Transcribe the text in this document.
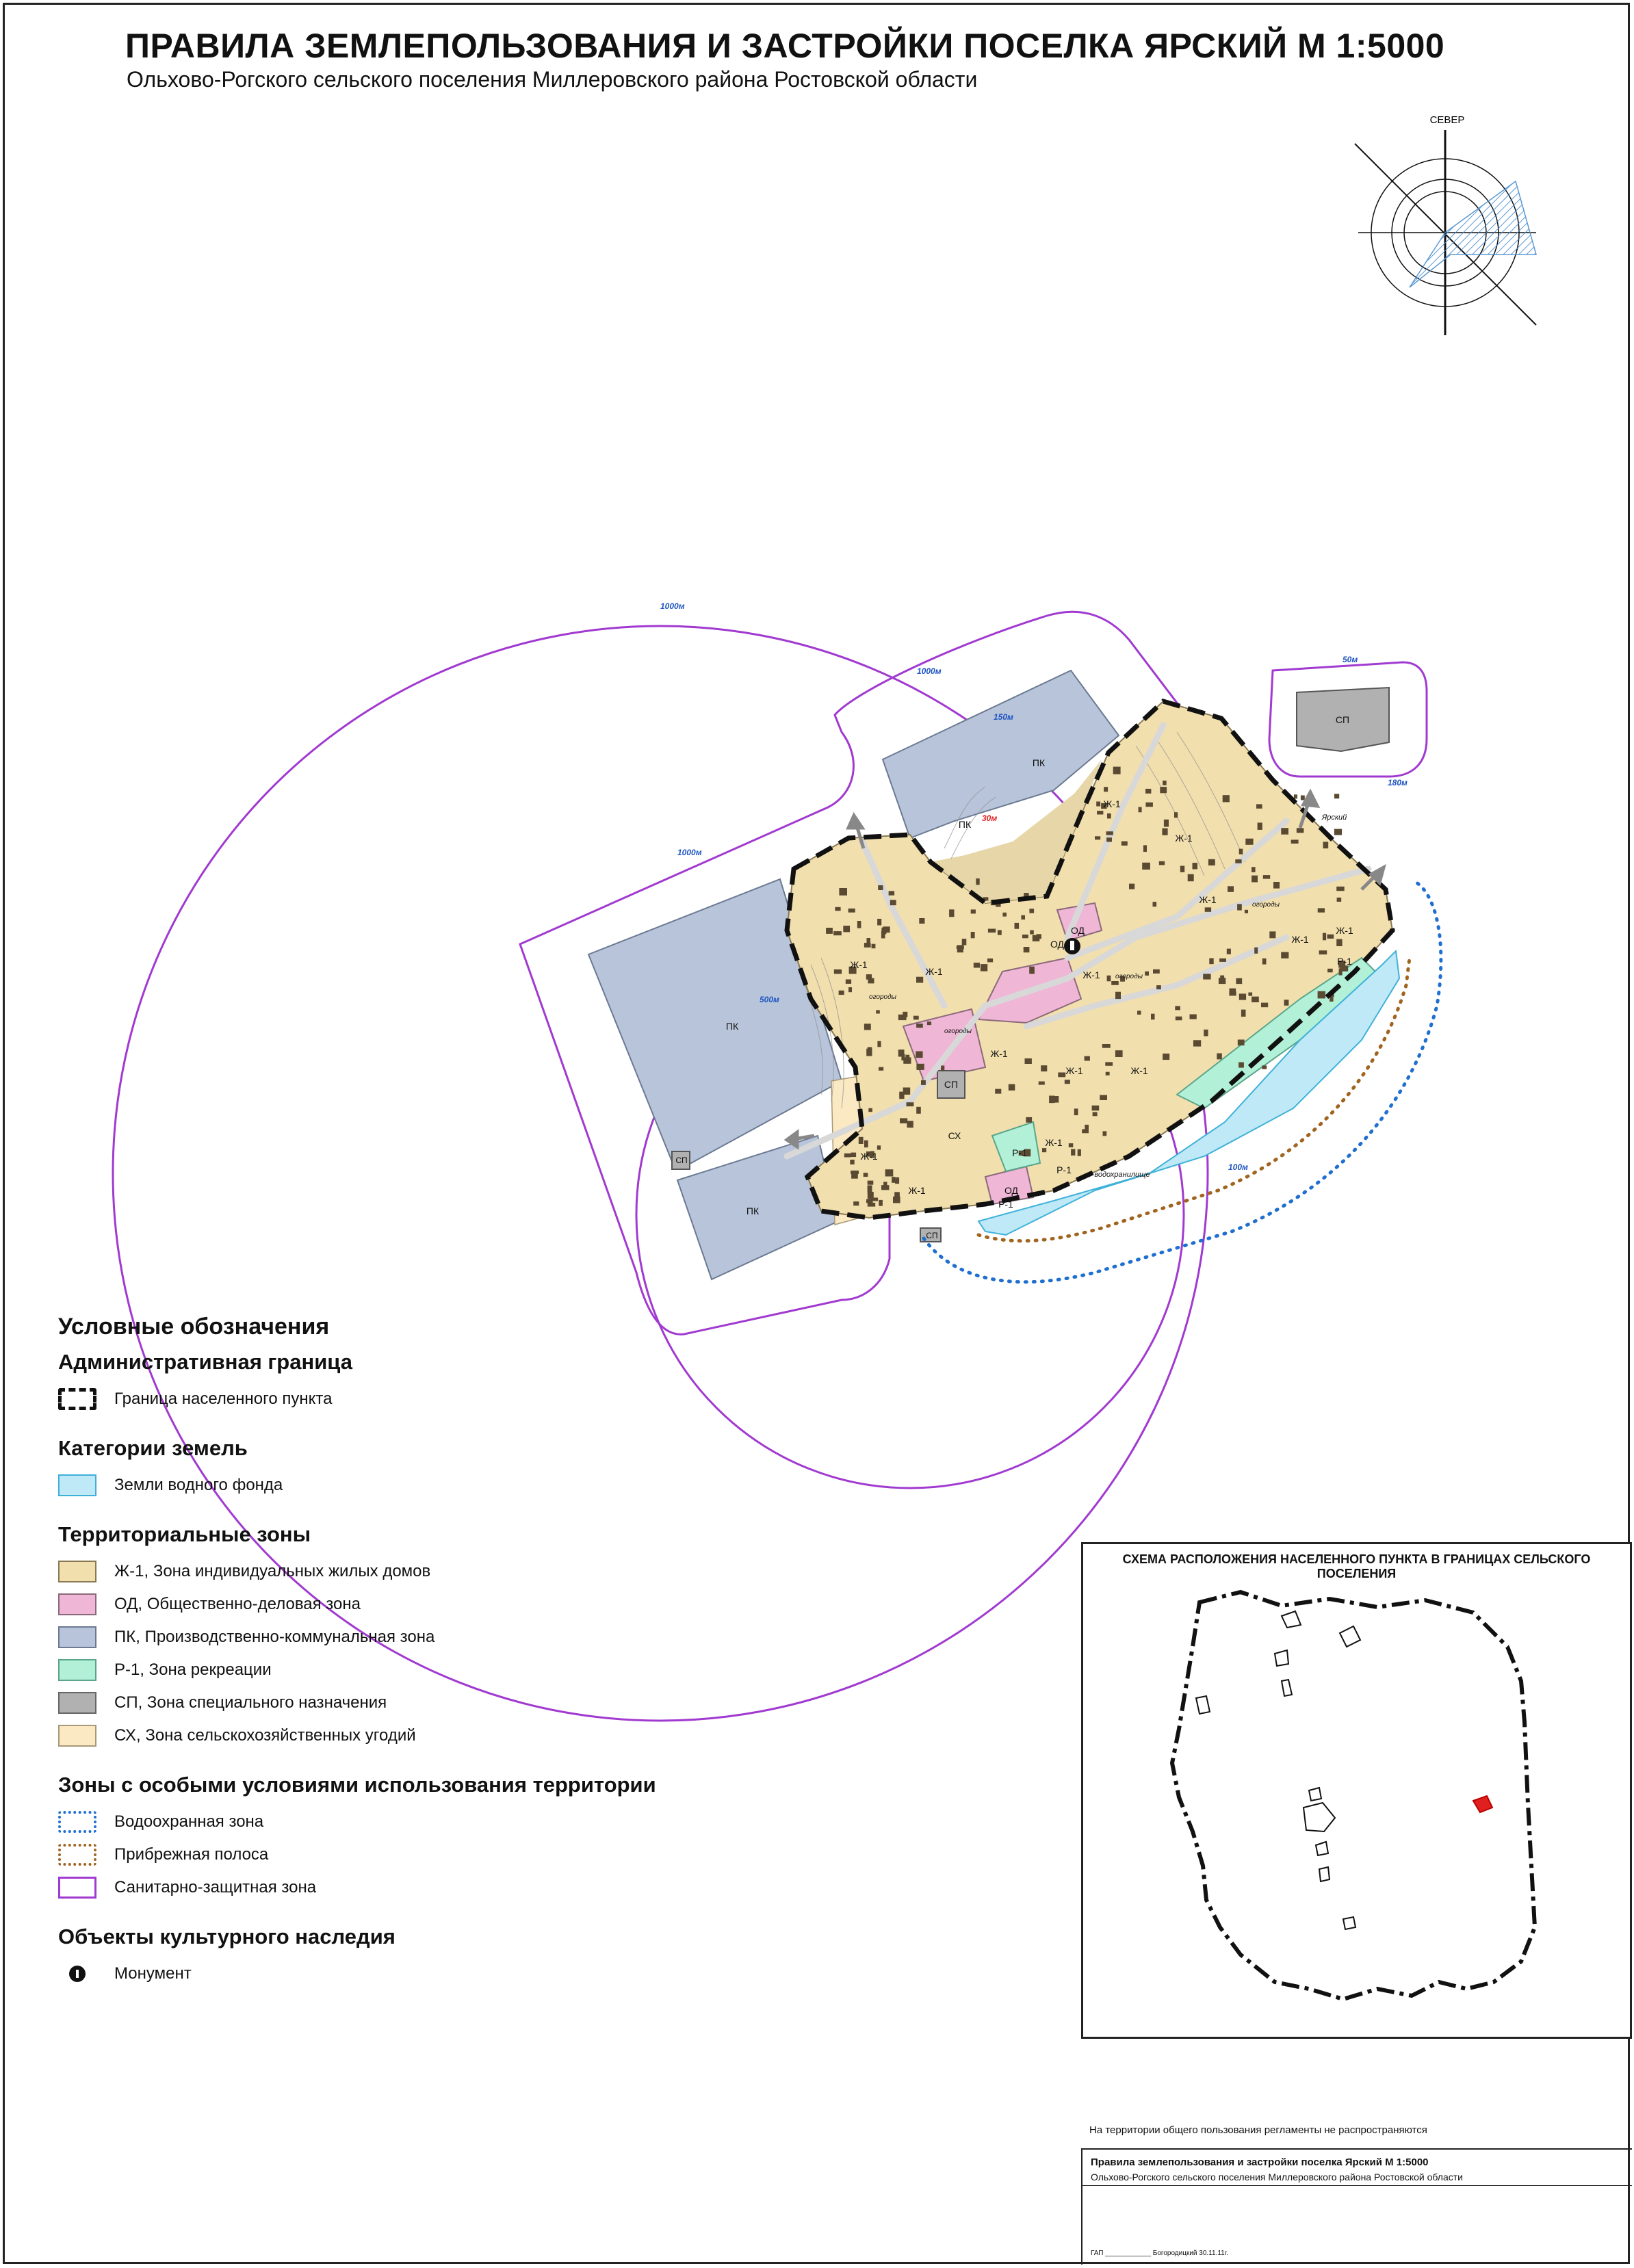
ПРАВИЛА ЗЕМЛЕПОЛЬЗОВАНИЯ И ЗАСТРОЙКИ ПОСЕЛКА ЯРСКИЙ М 1:5000
Ольхово-Рогского сельского поселения Миллеровского района Ростовской области
СЕВЕР
ПК
ПК
ПК
ПК
СП
СП
СП
СП
ОД
ОД
ОД
Ж-1
Ж-1	Ж-1
Ж-1
Ж-1
Ж-1
Ж-1
Ж-1
Ж-1
Ж-1
Ж-1
Ж-1
Ж-1
Ж-1
Р-1
Р-1
Р-1
Р-1
СХ
водохранилище
Ярский
огороды
огороды
огороды
огороды
1000м
1000м
1000м
500м
100м
150м
50м
180м
30м
Условные обозначения
Административная граница
Граница населенного пункта
Категории земель
Земли водного фонда
Территориальные зоны
Ж-1, Зона индивидуальных жилых домов
ОД, Общественно-деловая зона
ПК, Производственно-коммунальная зона
Р-1, Зона рекреации
СП, Зона специального назначения
СХ, Зона сельскохозяйственных угодий
Зоны с особыми условиями использования территории
Водоохранная зона
Прибрежная полоса
Санитарно-защитная зона
Объекты культурного наследия
Монумент
СХЕМА РАСПОЛОЖЕНИЯ НАСЕЛЕННОГО ПУНКТА В ГРАНИЦАХ СЕЛЬСКОГО ПОСЕЛЕНИЯ
На территории общего пользования регламенты не распространяются
Правила землепользования и застройки поселка Ярский М 1:5000
Ольхово-Рогского сельского поселения Миллеровского района Ростовской области
ГАП ____________ Богородицкий 30.11.11г.
